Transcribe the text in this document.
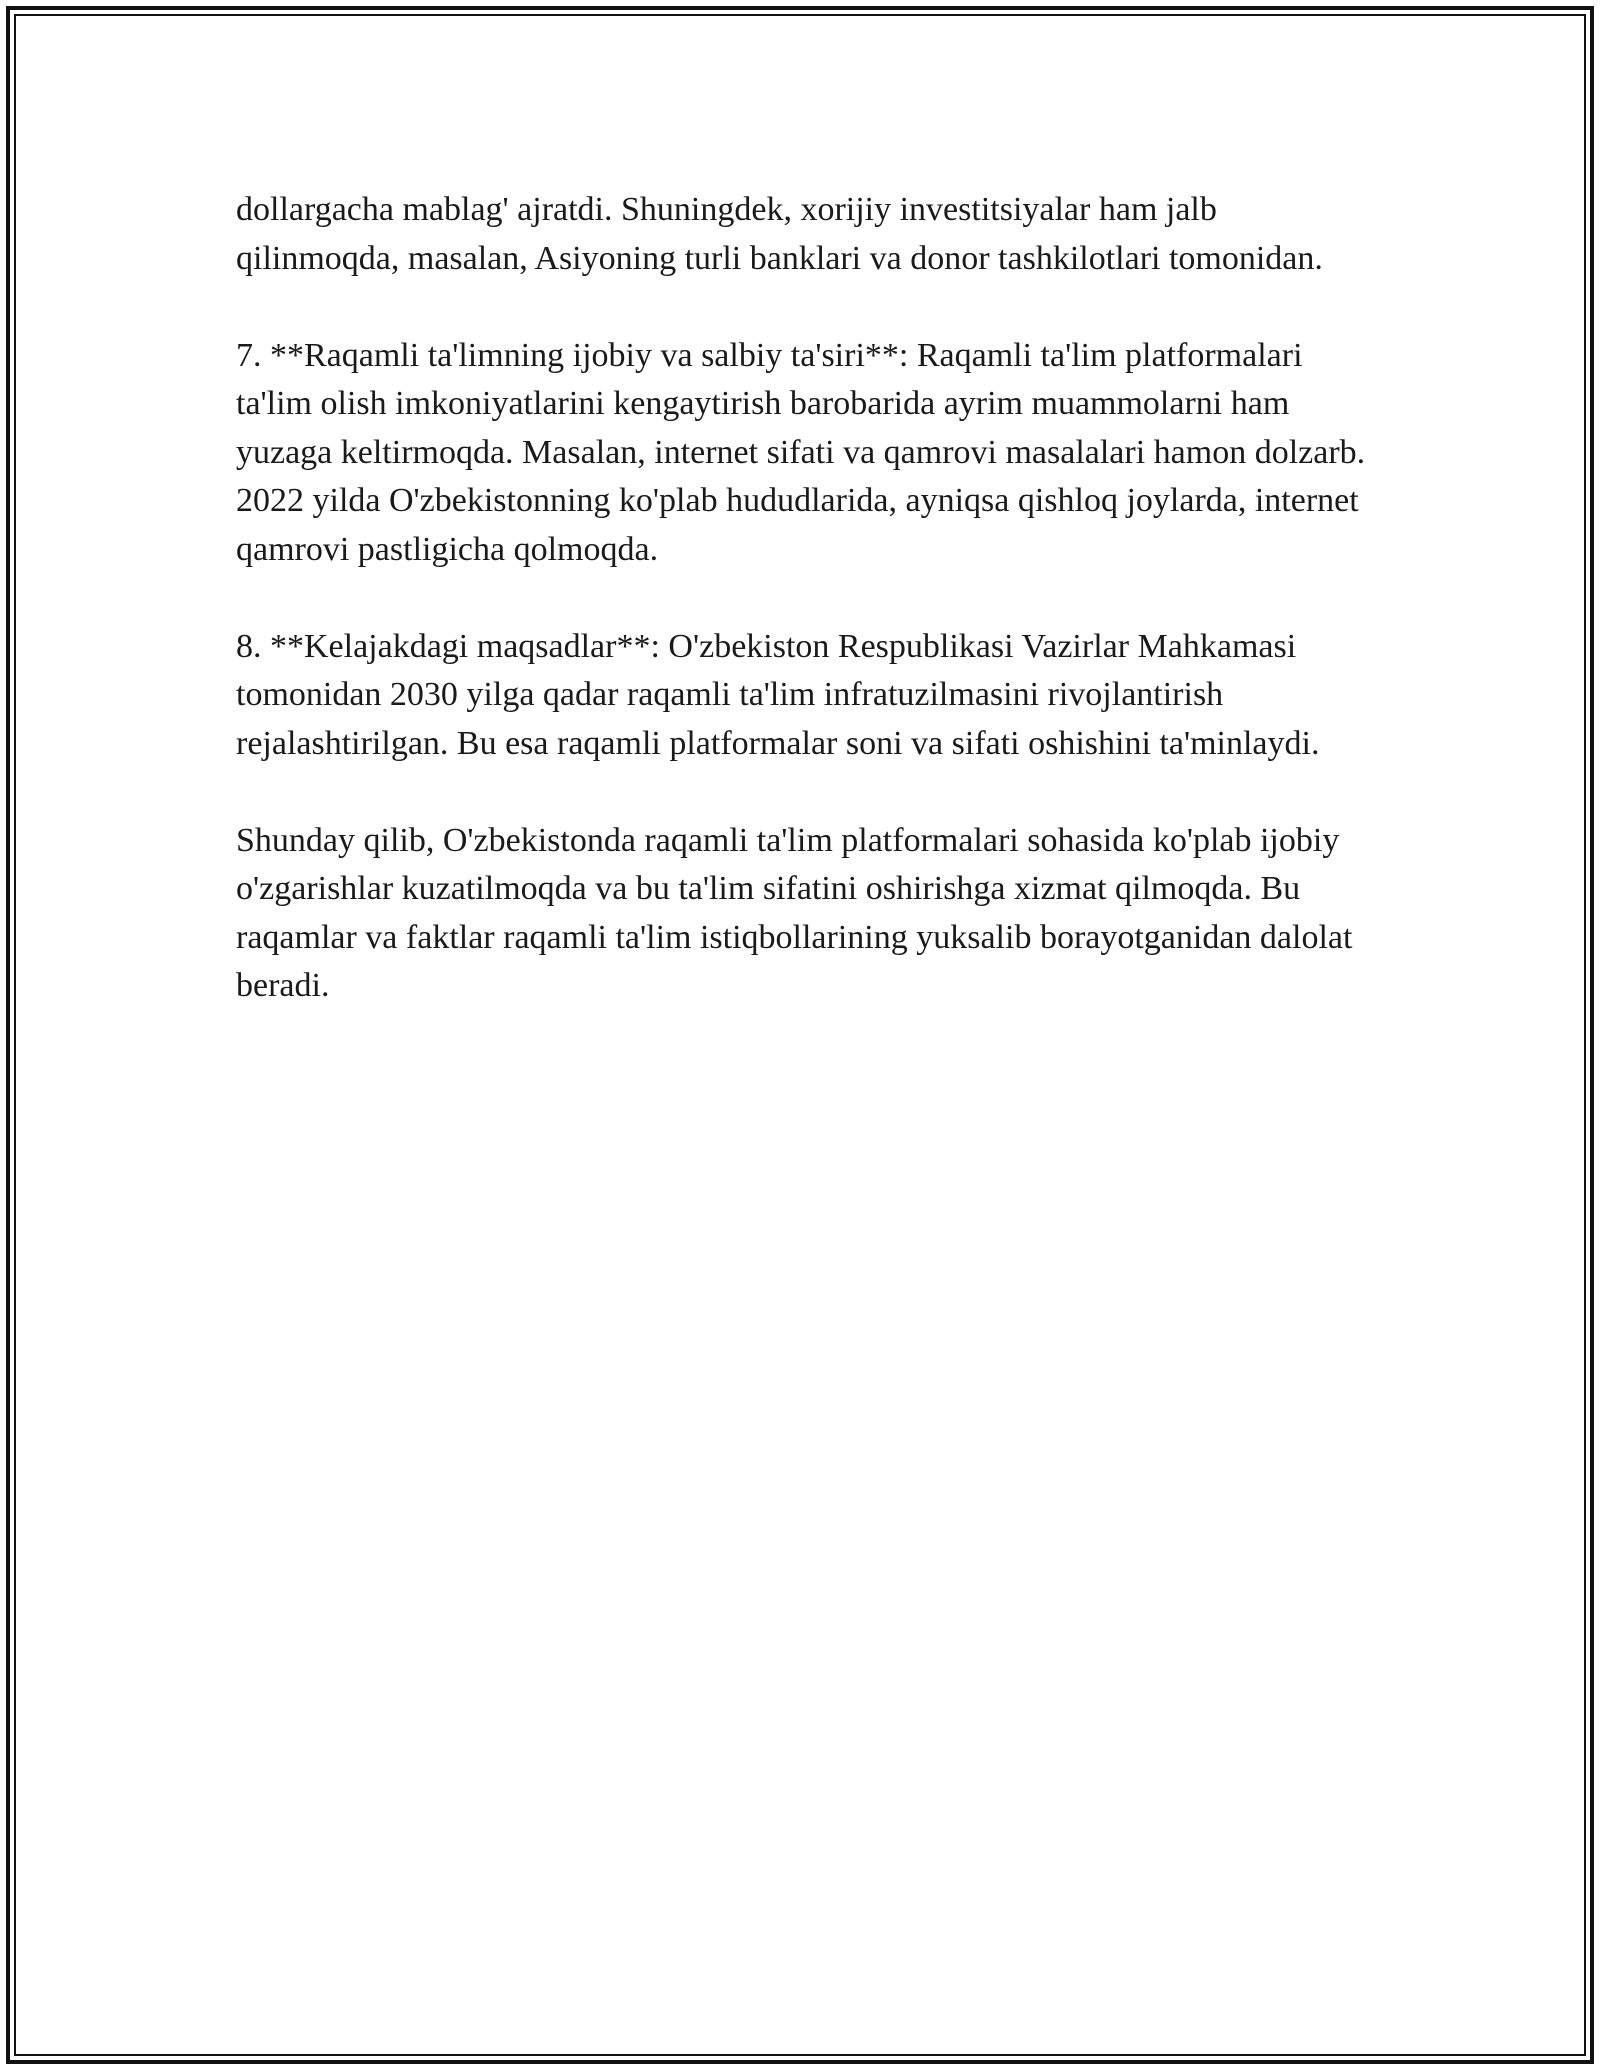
dollargacha mablag' ajratdi. Shuningdek, xorijiy investitsiyalar ham jalb qilinmoqda, masalan, Asiyoning turli banklari va donor tashkilotlari tomonidan.

7. **Raqamli ta'limning ijobiy va salbiy ta'siri**: Raqamli ta'lim platformalari ta'lim olish imkoniyatlarini kengaytirish barobarida ayrim muammolarni ham yuzaga keltirmoqda. Masalan, internet sifati va qamrovi masalalari hamon dolzarb. 2022 yilda O'zbekistonning ko'plab hududlarida, ayniqsa qishloq joylarda, internet qamrovi pastligicha qolmoqda.

8. **Kelajakdagi maqsadlar**: O'zbekiston Respublikasi Vazirlar Mahkamasi tomonidan 2030 yilga qadar raqamli ta'lim infratuzilmasini rivojlantirish rejalashtirilgan. Bu esa raqamli platformalar soni va sifati oshishini ta'minlaydi.

Shunday qilib, O'zbekistonda raqamli ta'lim platformalari sohasida ko'plab ijobiy o'zgarishlar kuzatilmoqda va bu ta'lim sifatini oshirishga xizmat qilmoqda. Bu raqamlar va faktlar raqamli ta'lim istiqbollarining yuksalib borayotganidan dalolat beradi.
